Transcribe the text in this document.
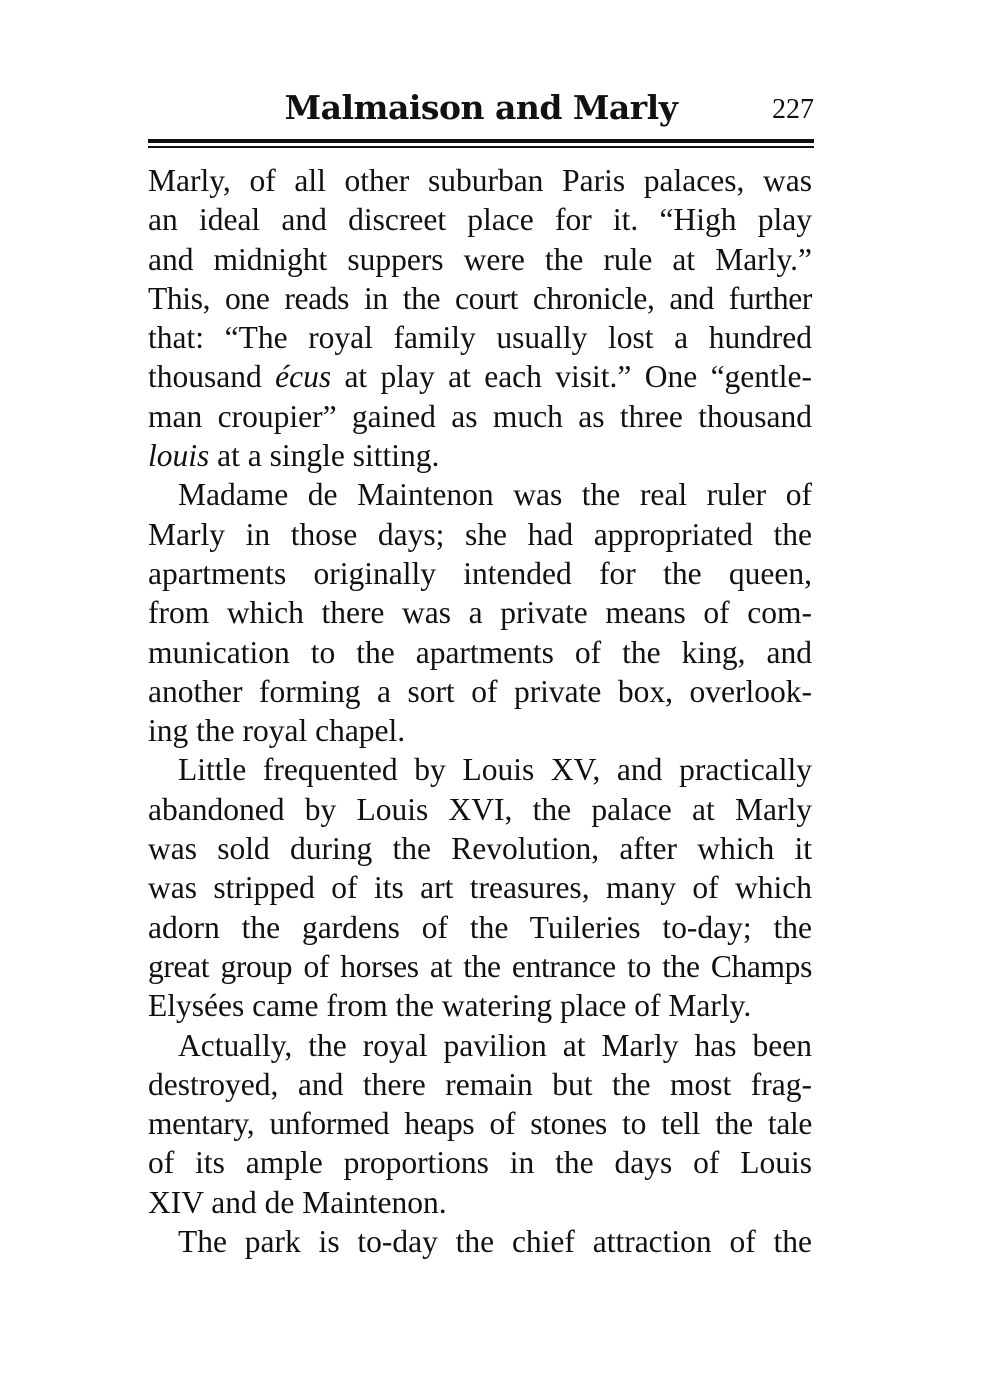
Malmaison and Marly	227
Marly, of all other suburban Paris palaces, was
an ideal and discreet place for it. “High play
and midnight suppers were the rule at Marly.”
This, one reads in the court chronicle, and further
that: “The royal family usually lost a hundred
thousand écus at play at each visit.” One “gentle-
man croupier” gained as much as three thousand
louis at a single sitting.
Madame de Maintenon was the real ruler of
Marly in those days; she had appropriated the
apartments originally intended for the queen,
from which there was a private means of com-
munication to the apartments of the king, and
another forming a sort of private box, overlook-
ing the royal chapel.
Little frequented by Louis XV, and practically
abandoned by Louis XVI, the palace at Marly
was sold during the Revolution, after which it
was stripped of its art treasures, many of which
adorn the gardens of the Tuileries to-day; the
great group of horses at the entrance to the Champs
Elysées came from the watering place of Marly.
Actually, the royal pavilion at Marly has been
destroyed, and there remain but the most frag-
mentary, unformed heaps of stones to tell the tale
of its ample proportions in the days of Louis
XIV and de Maintenon.
The park is to-day the chief attraction of the
